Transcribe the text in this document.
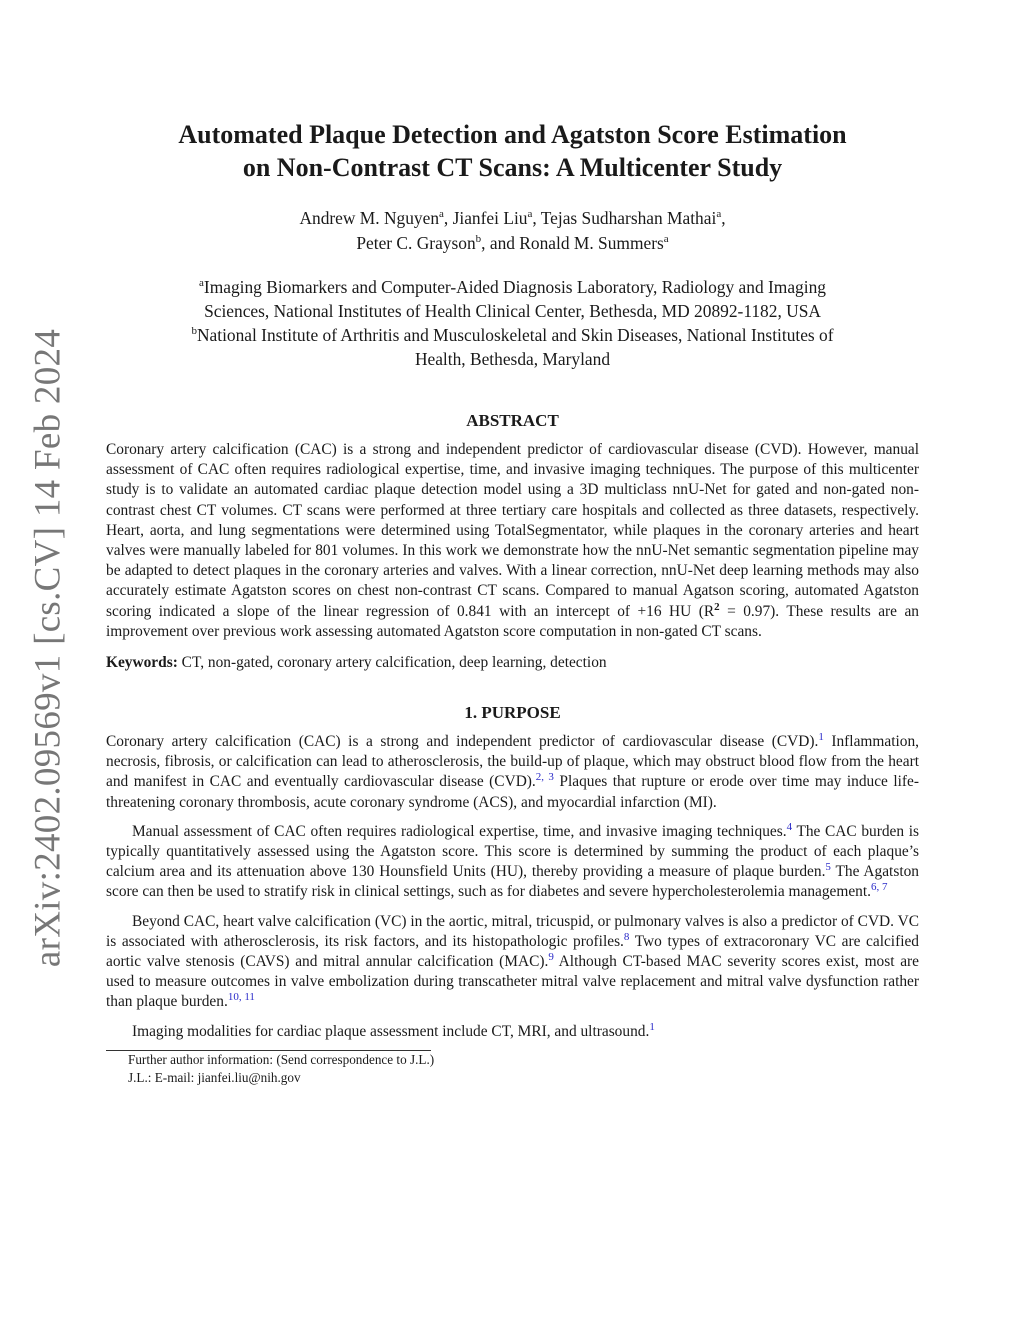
arXiv:2402.09569v1 [cs.CV] 14 Feb 2024
Automated Plaque Detection and Agatston Score Estimation
on Non-Contrast CT Scans: A Multicenter Study
Andrew M. Nguyen$^a$, Jianfei Liu$^a$, Tejas Sudharshan Mathai$^a$,
Peter C. Grayson$^b$, and Ronald M. Summers$^a$
$^a$Imaging Biomarkers and Computer-Aided Diagnosis Laboratory, Radiology and Imaging
Sciences, National Institutes of Health Clinical Center, Bethesda, MD 20892-1182, USA
$^b$National Institute of Arthritis and Musculoskeletal and Skin Diseases, National Institutes of
Health, Bethesda, Maryland
ABSTRACT

Coronary artery calcification (CAC) is a strong and independent predictor of cardiovascular disease (CVD). However, manual assessment of CAC often requires radiological expertise, time, and invasive imaging techniques. The purpose of this multicenter study is to validate an automated cardiac plaque detection model using a 3D multiclass nnU-Net for gated and non-gated non-contrast chest CT volumes. CT scans were performed at three tertiary care hospitals and collected as three datasets, respectively. Heart, aorta, and lung segmentations were determined using TotalSegmentator, while plaques in the coronary arteries and heart valves were manually labeled for 801 volumes. In this work we demonstrate how the nnU-Net semantic segmentation pipeline may be adapted to detect plaques in the coronary arteries and valves. With a linear correction, nnU-Net deep learning methods may also accurately estimate Agatston scores on chest non-contrast CT scans. Compared to manual Agatson scoring, automated Agatston scoring indicated a slope of the linear regression of 0.841 with an intercept of +16 HU $(R^2 = 0.97)$. These results are an improvement over previous work assessing automated Agatston score computation in non-gated CT scans.

Keywords: CT, non-gated, coronary artery calcification, deep learning, detection
1. PURPOSE

Coronary artery calcification (CAC) is a strong and independent predictor of cardiovascular disease (CVD).$^1$ Inflammation, necrosis, fibrosis, or calcification can lead to atherosclerosis, the build-up of plaque, which may obstruct blood flow from the heart and manifest in CAC and eventually cardiovascular disease (CVD).$^{2, 3}$ Plaques that rupture or erode over time may induce life-threatening coronary thrombosis, acute coronary syndrome (ACS), and myocardial infarction (MI).

Manual assessment of CAC often requires radiological expertise, time, and invasive imaging techniques.$^4$ The CAC burden is typically quantitatively assessed using the Agatston score. This score is determined by summing the product of each plaque’s calcium area and its attenuation above 130 Hounsfield Units (HU), thereby providing a measure of plaque burden.$^5$ The Agatston score can then be used to stratify risk in clinical settings, such as for diabetes and severe hypercholesterolemia management.$^{6, 7}$

Beyond CAC, heart valve calcification (VC) in the aortic, mitral, tricuspid, or pulmonary valves is also a predictor of CVD. VC is associated with atherosclerosis, its risk factors, and its histopathologic profiles.$^8$ Two types of extracoronary VC are calcified aortic valve stenosis (CAVS) and mitral annular calcification (MAC).$^9$ Although CT-based MAC severity scores exist, most are used to measure outcomes in valve embolization during transcatheter mitral valve replacement and mitral valve dysfunction rather than plaque burden.$^{10, 11}$

Imaging modalities for cardiac plaque assessment include CT, MRI, and ultrasound.$^1$

Further author information: (Send correspondence to J.L.)
J.L.: E-mail: jianfei.liu@nih.gov
